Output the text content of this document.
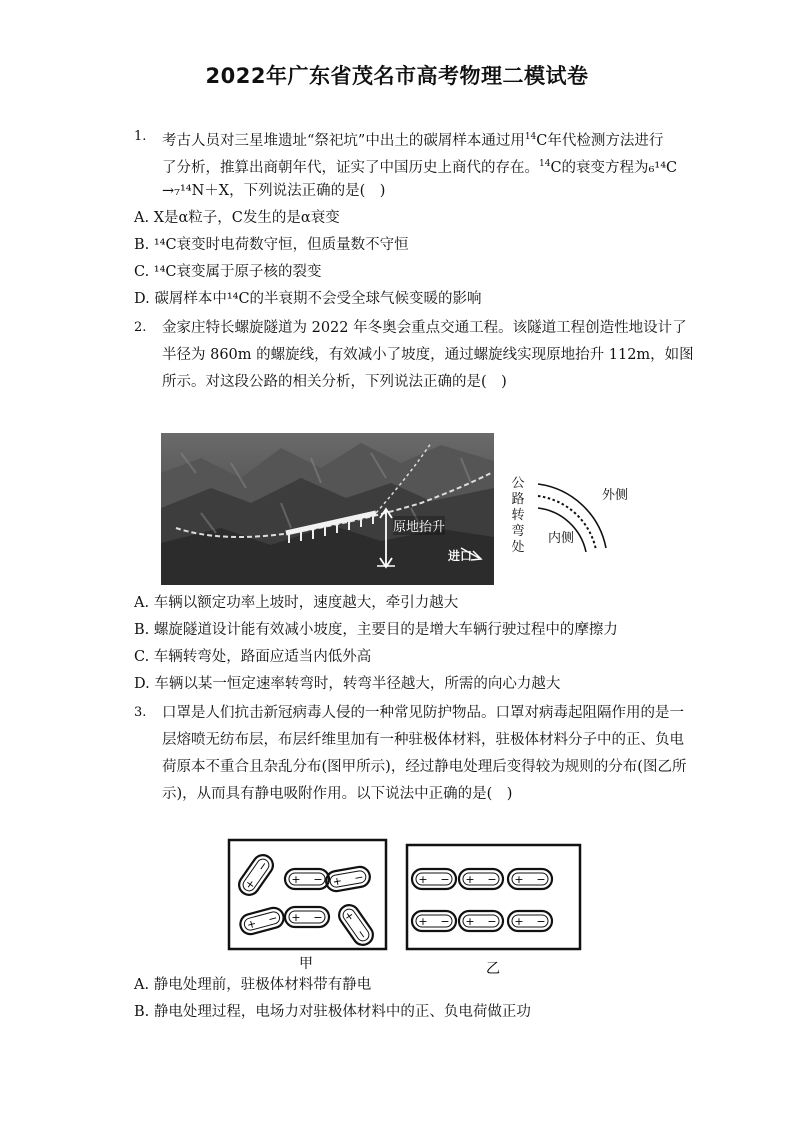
2022年广东省茂名市高考物理二模试卷
1. 考古人员对三星堆遗址“祭祀坑”中出土的碳屑样本通过用$^{14}$C年代检测方法进行
了分析，推算出商朝年代，证实了中国历史上商代的存在。$^{14}$C的衰变方程为₆¹⁴C
→₇¹⁴N＋X，下列说法正确的是(　)
A. X是α粒子，C发生的是α衰变
B. ¹⁴C衰变时电荷数守恒，但质量数不守恒
C. ¹⁴C衰变属于原子核的裂变
D. 碳屑样本中¹⁴C的半衰期不会受全球气候变暖的影响
2. 金家庄特长螺旋隧道为 2022 年冬奥会重点交通工程。该隧道工程创造性地设计了
半径为 860m 的螺旋线，有效减小了坡度，通过螺旋线实现原地抬升 112m，如图
所示。对这段公路的相关分析，下列说法正确的是(　)
原地抬升
进口
公
路
转
弯
处
外侧
内侧
A. 车辆以额定功率上坡时，速度越大，牵引力越大
B. 螺旋隧道设计能有效减小坡度，主要目的是增大车辆行驶过程中的摩擦力
C. 车辆转弯处，路面应适当内低外高
D. 车辆以某一恒定速率转弯时，转弯半径越大，所需的向心力越大
3. 口罩是人们抗击新冠病毒人侵的一种常见防护物品。口罩对病毒起阻隔作用的是一
层熔喷无纺布层，布层纤维里加有一种驻极体材料，驻极体材料分子中的正、负电
荷原本不重合且杂乱分布(图甲所示)，经过静电处理后变得较为规则的分布(图乙所
示)，从而具有静电吸附作用。以下说法中正确的是(　)
+
−
+ − + −
+ − + − +
−
+ − + − + −
+ − + − + −
甲	乙
A. 静电处理前，驻极体材料带有静电
B. 静电处理过程，电场力对驻极体材料中的正、负电荷做正功
